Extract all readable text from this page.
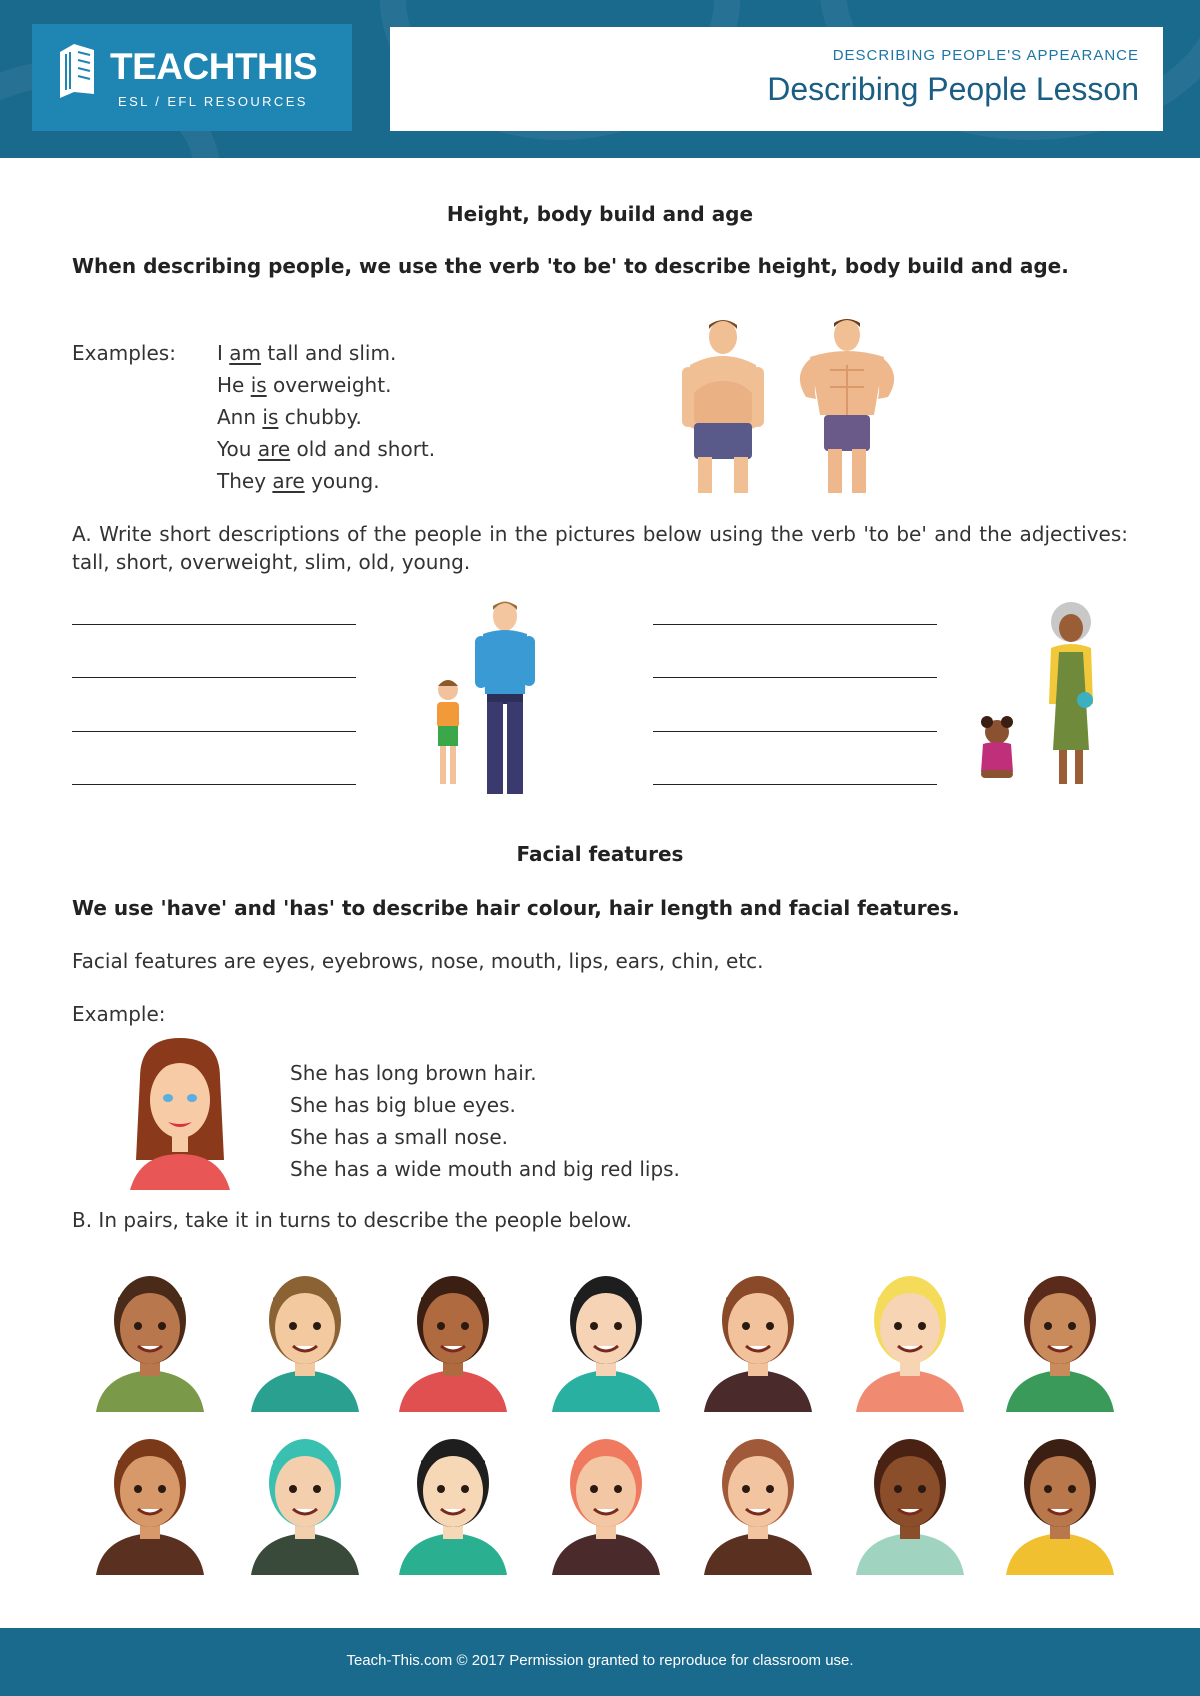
TEACHTHIS
ESL / EFL RESOURCES
DESCRIBING PEOPLE'S APPEARANCE
Describing People Lesson
Height, body build and age
When describing people, we use the verb 'to be' to describe height, body build and age.
Examples: I am tall and slim.
He is overweight.
Ann is chubby.
You are old and short.
They are young.
A. Write short descriptions of the people in the pictures below using the verb 'to be' and the adjectives: tall, short, overweight, slim, old, young.
Facial features
We use 'have' and 'has' to describe hair colour, hair length and facial features.
Facial features are eyes, eyebrows, nose, mouth, lips, ears, chin, etc.
Example:
She has long brown hair.
She has big blue eyes.
She has a small nose.
She has a wide mouth and big red lips.
B. In pairs, take it in turns to describe the people below.
Teach-This.com © 2017 Permission granted to reproduce for classroom use.
